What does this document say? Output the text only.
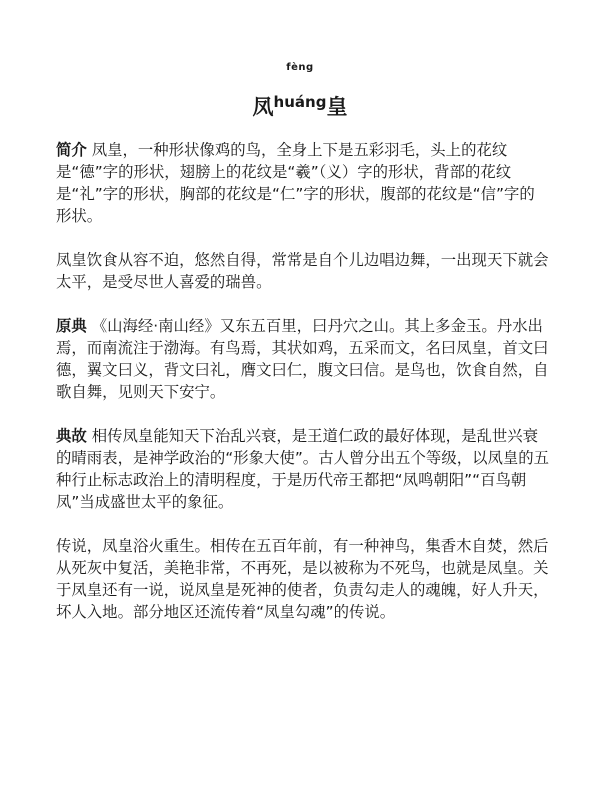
fèng
凤$^{huáng}$皇

简介 凤皇，一种形状像鸡的鸟，全身上下是五彩羽毛，头上的花纹是“德”字的形状，翅膀上的花纹是“羲”（义）字的形状，背部的花纹是“礼”字的形状，胸部的花纹是“仁”字的形状，腹部的花纹是“信”字的形状。

凤皇饮食从容不迫，悠然自得，常常是自个儿边唱边舞，一出现天下就会太平，是受尽世人喜爱的瑞兽。

原典 《山海经·南山经》又东五百里，曰丹穴之山。其上多金玉。丹水出焉，而南流注于渤海。有鸟焉，其状如鸡，五采而文，名曰凤皇，首文曰德，翼文曰义，背文曰礼，膺文曰仁，腹文曰信。是鸟也，饮食自然，自歌自舞，见则天下安宁。

典故 相传凤皇能知天下治乱兴衰，是王道仁政的最好体现，是乱世兴衰的晴雨表，是神学政治的“形象大使”。古人曾分出五个等级，以凤皇的五种行止标志政治上的清明程度，于是历代帝王都把“凤鸣朝阳”“百鸟朝凤”当成盛世太平的象征。

传说，凤皇浴火重生。相传在五百年前，有一种神鸟，集香木自焚，然后从死灰中复活，美艳非常，不再死，是以被称为不死鸟，也就是凤皇。关于凤皇还有一说，说凤皇是死神的使者，负责勾走人的魂魄，好人升天，坏人入地。部分地区还流传着“凤皇勾魂”的传说。
